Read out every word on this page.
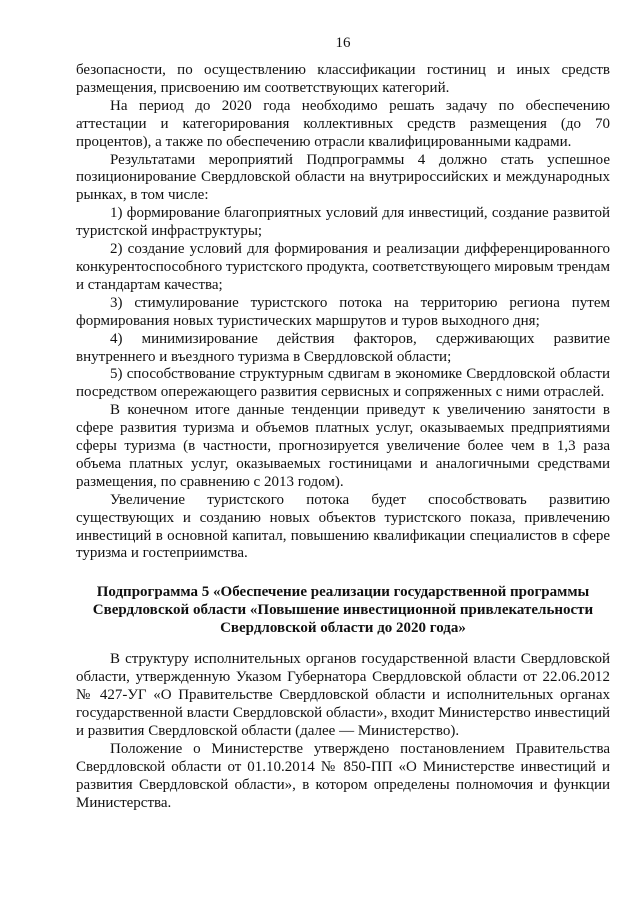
16

безопасности, по осуществлению классификации гостиниц и иных средств размещения, присвоению им соответствующих категорий.

На период до 2020 года необходимо решать задачу по обеспечению аттестации и категорирования коллективных средств размещения (до 70 процентов), а также по обеспечению отрасли квалифицированными кадрами.

Результатами мероприятий Подпрограммы 4 должно стать успешное позиционирование Свердловской области на внутрироссийских и международных рынках, в том числе:

1) формирование благоприятных условий для инвестиций, создание развитой туристской инфраструктуры;

2) создание условий для формирования и реализации дифференцированного конкурентоспособного туристского продукта, соответствующего мировым трендам и стандартам качества;

3) стимулирование туристского потока на территорию региона путем формирования новых туристических маршрутов и туров выходного дня;

4) минимизирование действия факторов, сдерживающих развитие внутреннего и въездного туризма в Свердловской области;

5) способствование структурным сдвигам в экономике Свердловской области посредством опережающего развития сервисных и сопряженных с ними отраслей.

В конечном итоге данные тенденции приведут к увеличению занятости в сфере развития туризма и объемов платных услуг, оказываемых предприятиями сферы туризма (в частности, прогнозируется увеличение более чем в 1,3 раза объема платных услуг, оказываемых гостиницами и аналогичными средствами размещения, по сравнению с 2013 годом).

Увеличение туристского потока будет способствовать развитию существующих и созданию новых объектов туристского показа, привлечению инвестиций в основной капитал, повышению квалификации специалистов в сфере туризма и гостеприимства.

Подпрограмма 5 «Обеспечение реализации государственной программы
Свердловской области «Повышение инвестиционной привлекательности
Свердловской области до 2020 года»

В структуру исполнительных органов государственной власти Свердловской области, утвержденную Указом Губернатора Свердловской области от 22.06.2012 № 427-УГ «О Правительстве Свердловской области и исполнительных органах государственной власти Свердловской области», входит Министерство инвестиций и развития Свердловской области (далее — Министерство).

Положение о Министерстве утверждено постановлением Правительства Свердловской области от 01.10.2014 № 850-ПП «О Министерстве инвестиций и развития Свердловской области», в котором определены полномочия и функции Министерства.
